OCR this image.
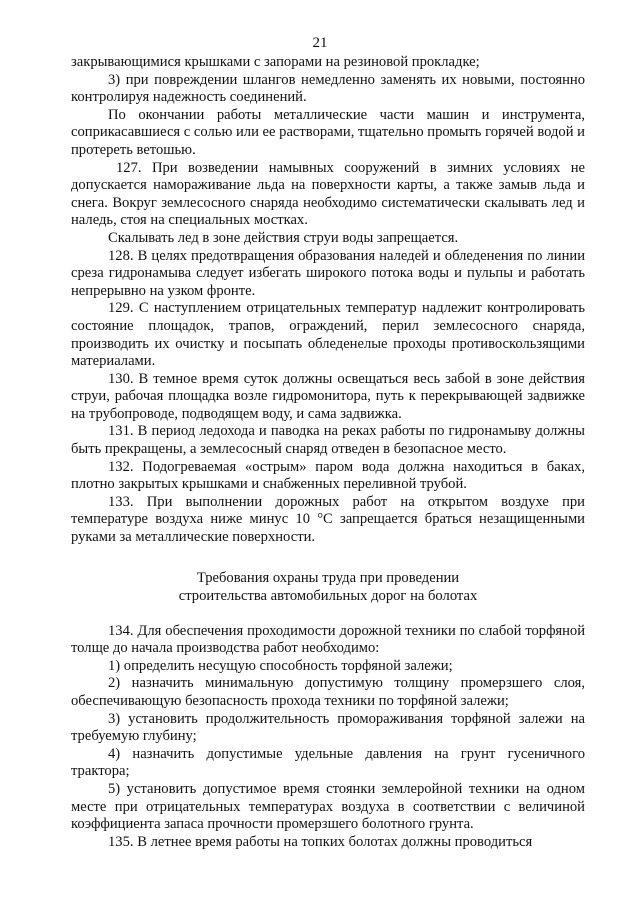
21

закрывающимися крышками с запорами на резиновой прокладке;

3) при повреждении шлангов немедленно заменять их новыми, постоянно контролируя надежность соединений.

По окончании работы металлические части машин и инструмента, соприкасавшиеся с солью или ее растворами, тщательно промыть горячей водой и протереть ветошью.

127. При возведении намывных сооружений в зимних условиях не допускается намораживание льда на поверхности карты, а также замыв льда и снега. Вокруг землесосного снаряда необходимо систематически скалывать лед и наледь, стоя на специальных мостках.

Скалывать лед в зоне действия струи воды запрещается.

128. В целях предотвращения образования наледей и обледенения по линии среза гидронамыва следует избегать широкого потока воды и пульпы и работать непрерывно на узком фронте.

129. С наступлением отрицательных температур надлежит контролировать состояние площадок, трапов, ограждений, перил землесосного снаряда, производить их очистку и посыпать обледенелые проходы противоскользящими материалами.

130. В темное время суток должны освещаться весь забой в зоне действия струи, рабочая площадка возле гидромонитора, путь к перекрывающей задвижке на трубопроводе, подводящем воду, и сама задвижка.

131. В период ледохода и паводка на реках работы по гидронамыву должны быть прекращены, а землесосный снаряд отведен в безопасное место.

132. Подогреваемая «острым» паром вода должна находиться в баках, плотно закрытых крышками и снабженных переливной трубой.

133. При выполнении дорожных работ на открытом воздухе при температуре воздуха ниже минус 10 °С запрещается браться незащищенными руками за металлические поверхности.

Требования охраны труда при проведении
строительства автомобильных дорог на болотах

134. Для обеспечения проходимости дорожной техники по слабой торфяной толще до начала производства работ необходимо:

1) определить несущую способность торфяной залежи;

2) назначить минимальную допустимую толщину промерзшего слоя, обеспечивающую безопасность прохода техники по торфяной залежи;

3) установить продолжительность промораживания торфяной залежи на требуемую глубину;

4) назначить допустимые удельные давления на грунт гусеничного трактора;

5) установить допустимое время стоянки землеройной техники на одном месте при отрицательных температурах воздуха в соответствии с величиной коэффициента запаса прочности промерзшего болотного грунта.

135. В летнее время работы на топких болотах должны проводиться
